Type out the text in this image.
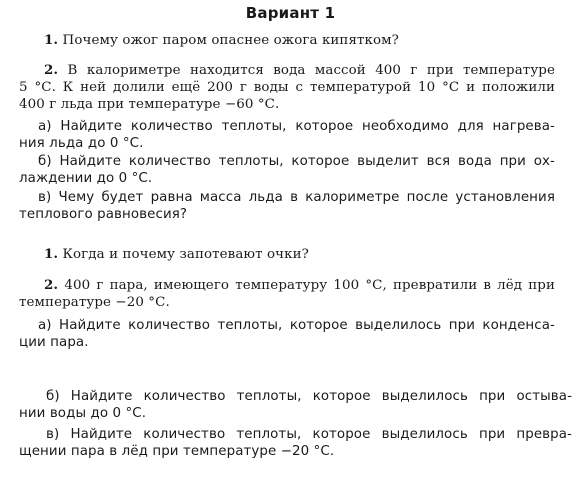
Вариант 1
1. Почему ожог паром опаснее ожога кипятком?
2. В калориметре находится вода массой 400 г при температуре
5 °С. К ней долили ещё 200 г воды с температурой 10 °С и положили
400 г льда при температуре −60 °С.
а) Найдите количество теплоты, которое необходимо для нагрева-
ния льда до 0 °С.
б) Найдите количество теплоты, которое выделит вся вода при ох-
лаждении до 0 °С.
в) Чему будет равна масса льда в калориметре после установления
теплового равновесия?
1. Когда и почему запотевают очки?
2. 400 г пара, имеющего температуру 100 °С, превратили в лёд при
температуре −20 °С.
а) Найдите количество теплоты, которое выделилось при конденса-
ции пара.
б) Найдите количество теплоты, которое выделилось при остыва-
нии воды до 0 °С.
в) Найдите количество теплоты, которое выделилось при превра-
щении пара в лёд при температуре −20 °С.
